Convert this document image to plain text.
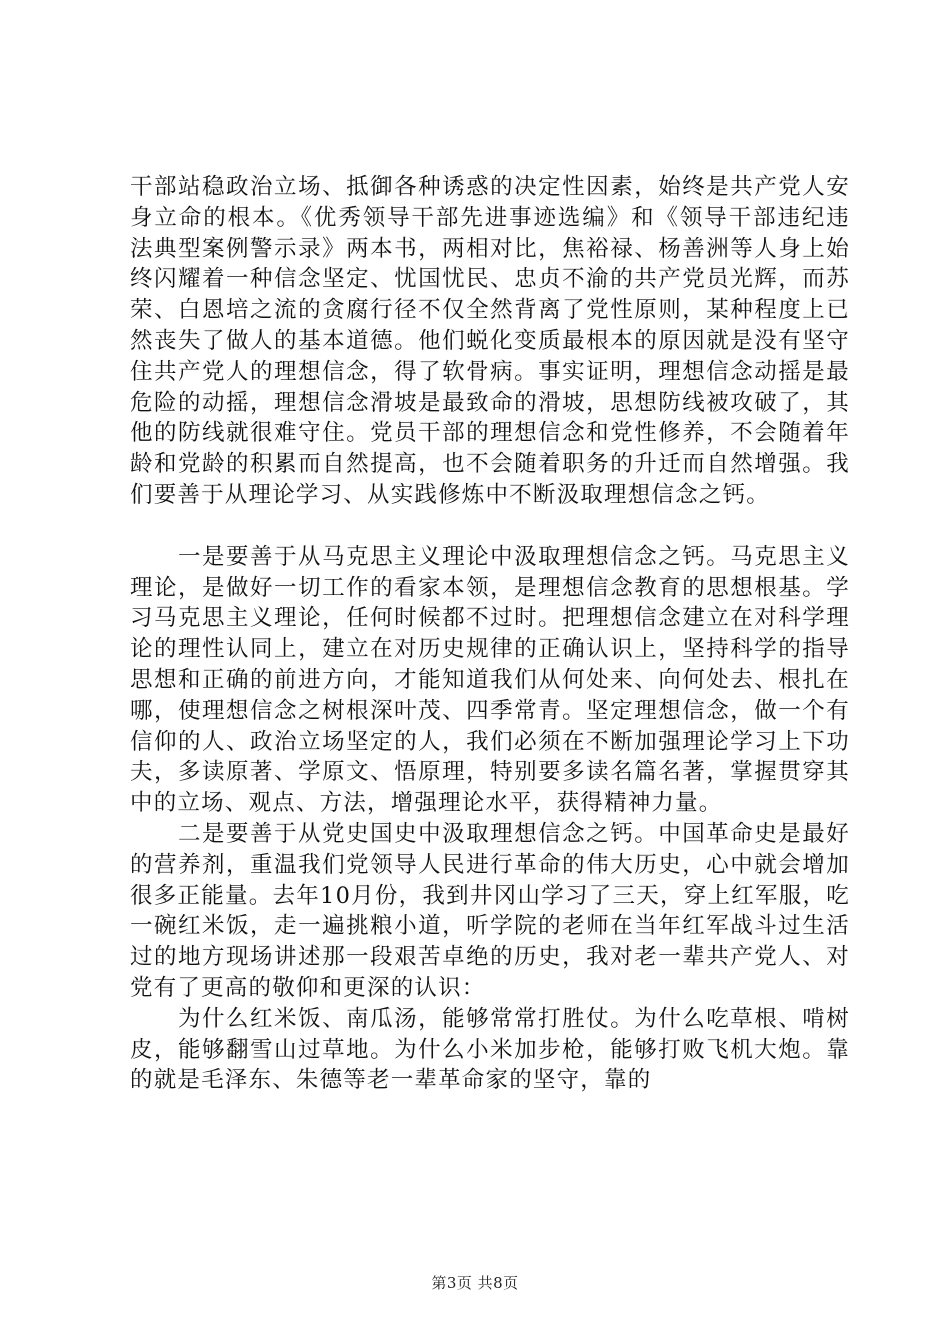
干部站稳政治立场、抵御各种诱惑的决定性因素，始终是共产党人安身立命的根本。《优秀领导干部先进事迹选编》和《领导干部违纪违法典型案例警示录》两本书，两相对比，焦裕禄、杨善洲等人身上始终闪耀着一种信念坚定、忧国忧民、忠贞不渝的共产党员光辉，而苏荣、白恩培之流的贪腐行径不仅全然背离了党性原则，某种程度上已然丧失了做人的基本道德。他们蜕化变质最根本的原因就是没有坚守住共产党人的理想信念，得了软骨病。事实证明，理想信念动摇是最危险的动摇，理想信念滑坡是最致命的滑坡，思想防线被攻破了，其他的防线就很难守住。党员干部的理想信念和党性修养，不会随着年龄和党龄的积累而自然提高，也不会随着职务的升迁而自然增强。我们要善于从理论学习、从实践修炼中不断汲取理想信念之钙。

一是要善于从马克思主义理论中汲取理想信念之钙。马克思主义理论，是做好一切工作的看家本领，是理想信念教育的思想根基。学习马克思主义理论，任何时候都不过时。把理想信念建立在对科学理论的理性认同上，建立在对历史规律的正确认识上，坚持科学的指导思想和正确的前进方向，才能知道我们从何处来、向何处去、根扎在哪，使理想信念之树根深叶茂、四季常青。坚定理想信念，做一个有信仰的人、政治立场坚定的人，我们必须在不断加强理论学习上下功夫，多读原著、学原文、悟原理，特别要多读名篇名著，掌握贯穿其中的立场、观点、方法，增强理论水平，获得精神力量。

二是要善于从党史国史中汲取理想信念之钙。中国革命史是最好的营养剂，重温我们党领导人民进行革命的伟大历史，心中就会增加很多正能量。去年10月份，我到井冈山学习了三天，穿上红军服，吃一碗红米饭，走一遍挑粮小道，听学院的老师在当年红军战斗过生活过的地方现场讲述那一段艰苦卓绝的历史，我对老一辈共产党人、对党有了更高的敬仰和更深的认识：

为什么红米饭、南瓜汤，能够常常打胜仗。为什么吃草根、啃树皮，能够翻雪山过草地。为什么小米加步枪，能够打败飞机大炮。靠的就是毛泽东、朱德等老一辈革命家的坚守，靠的

第3页 共8页
